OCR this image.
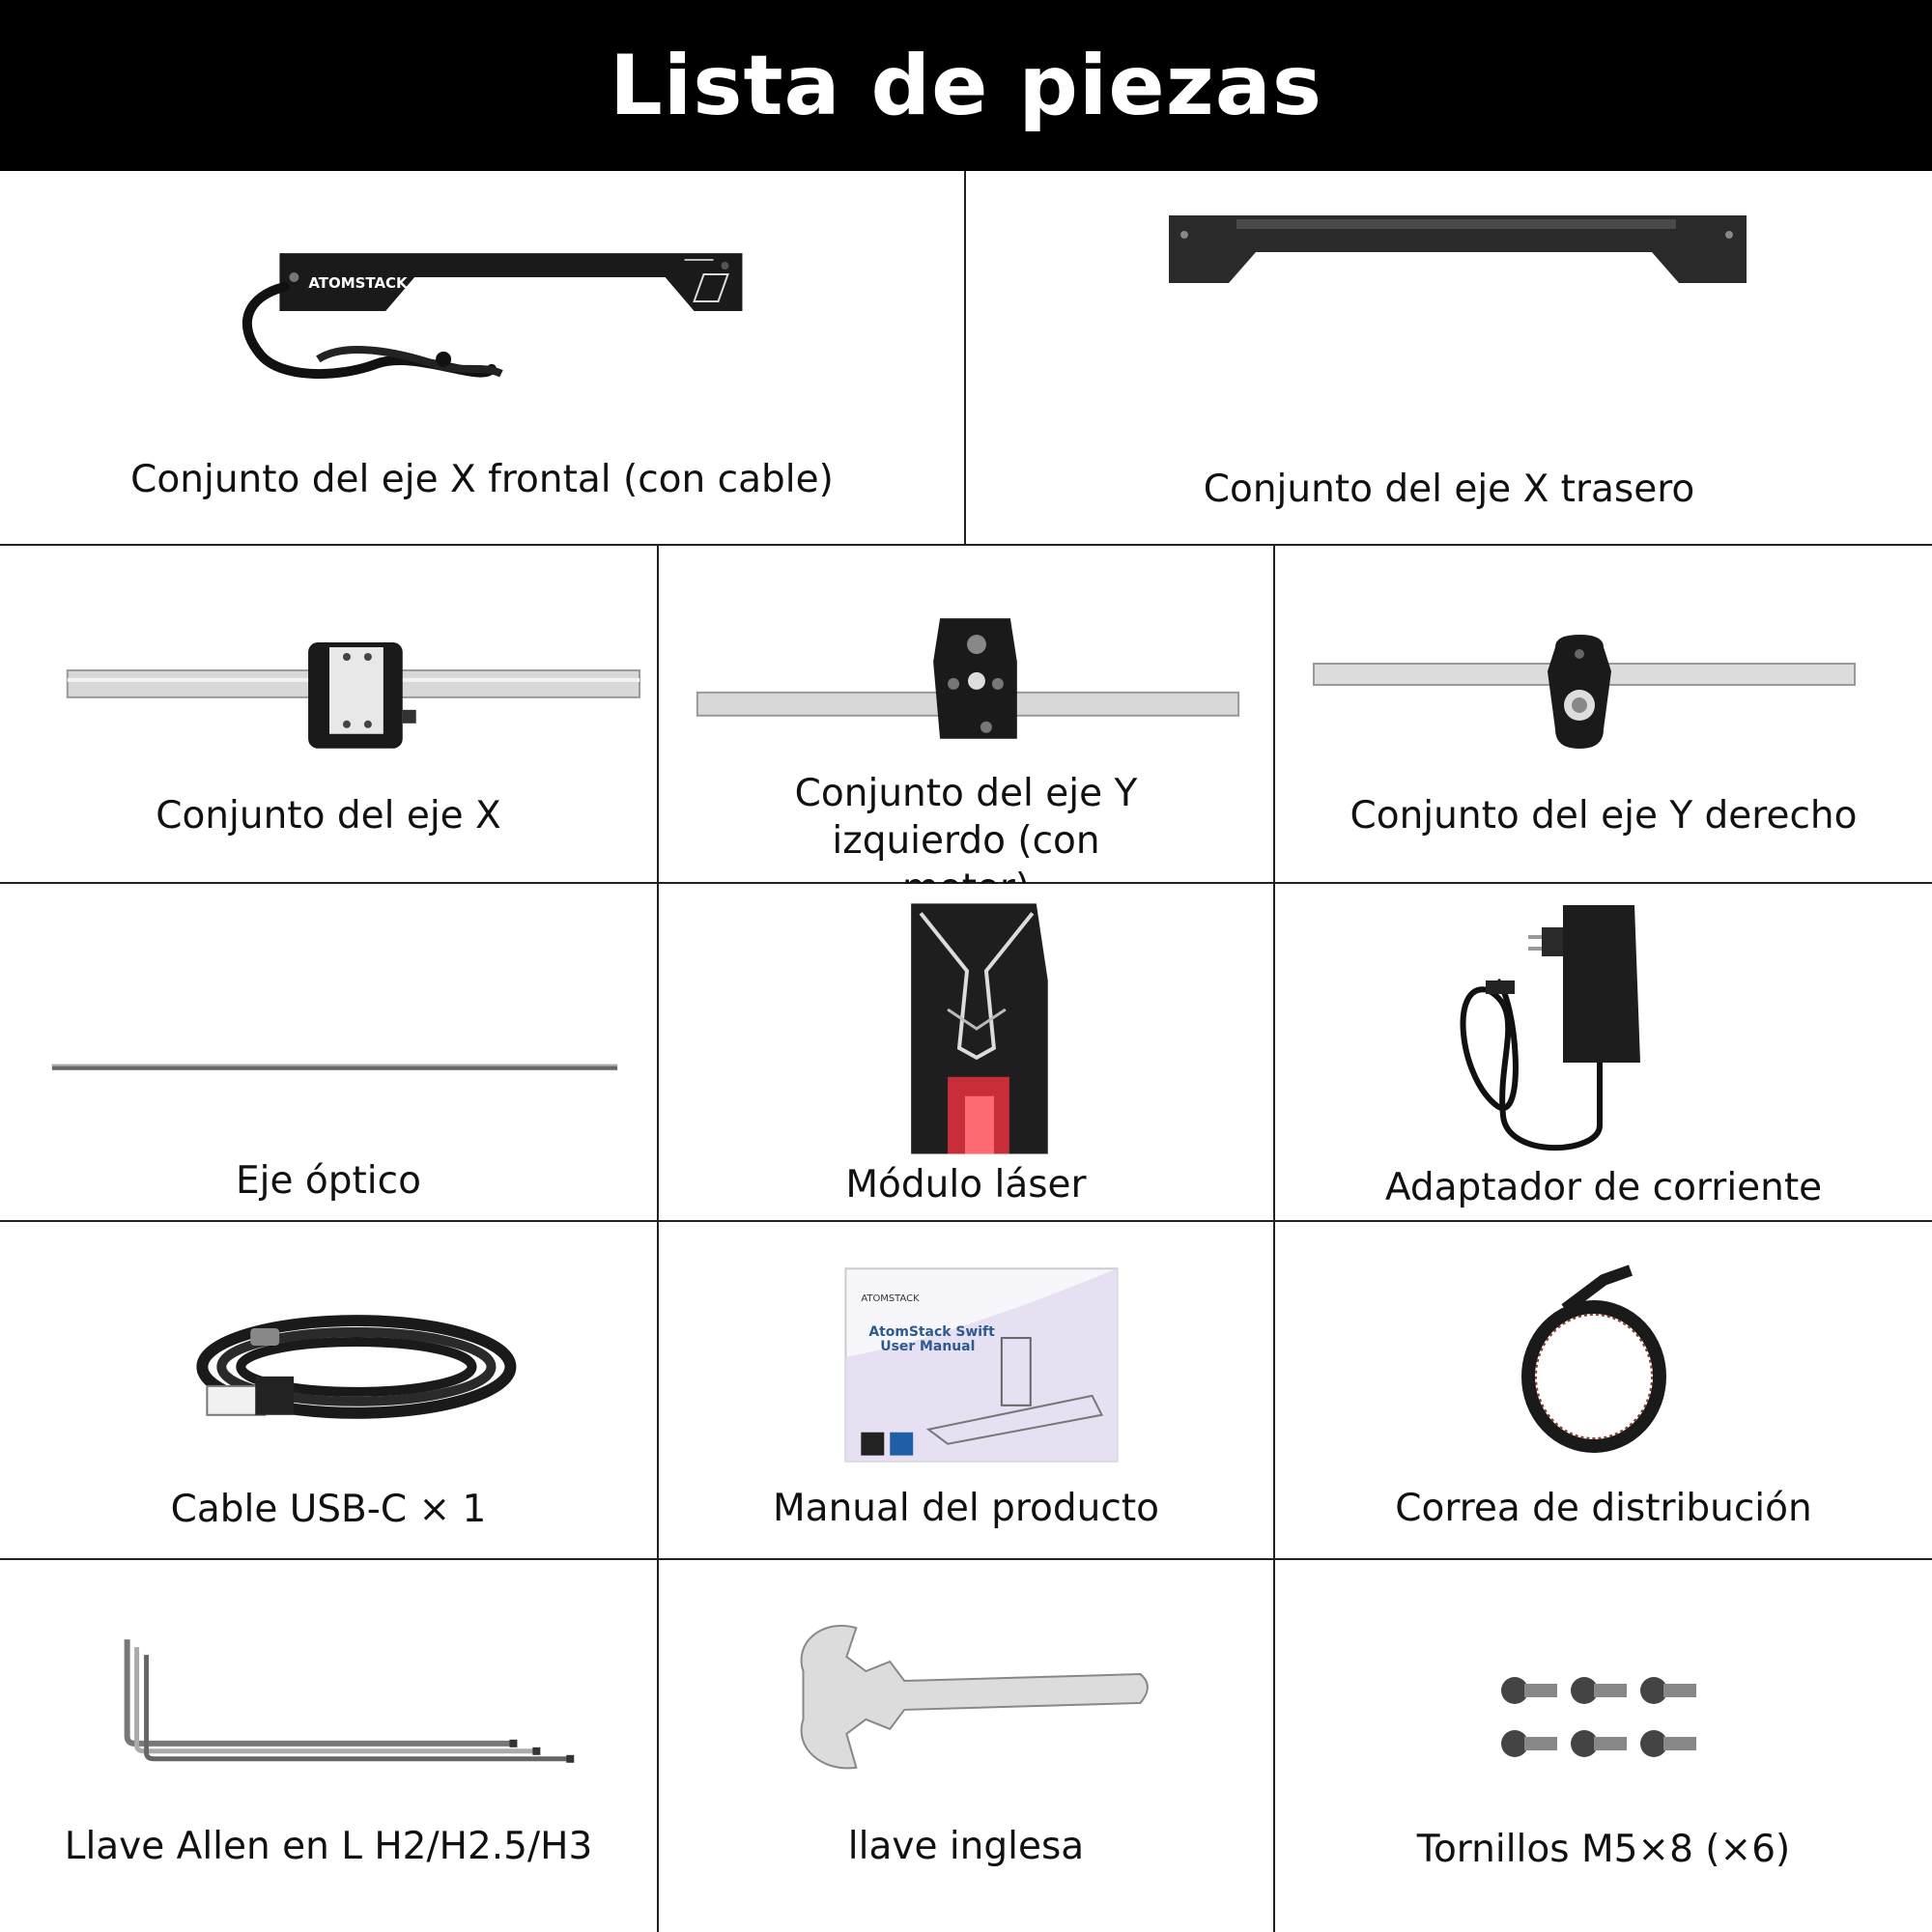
Lista de piezas
ATOMSTACK SWIFT
Conjunto del eje X frontal (con cable)	Conjunto del eje X trasero
Conjunto del eje X
Conjunto del eje Y izquierdo (con
Conjunto del eje Y derecho
Eje óptico	Módulo láser	Adaptador de corriente
Cable USB-C × 1
ATOMSTACK
AtomStack Swift
User Manual
Manual del producto	Correa de distribución
Llave Allen en L H2/H2.5/H3	llave inglesa	Tornillos M5×8 (×6)
